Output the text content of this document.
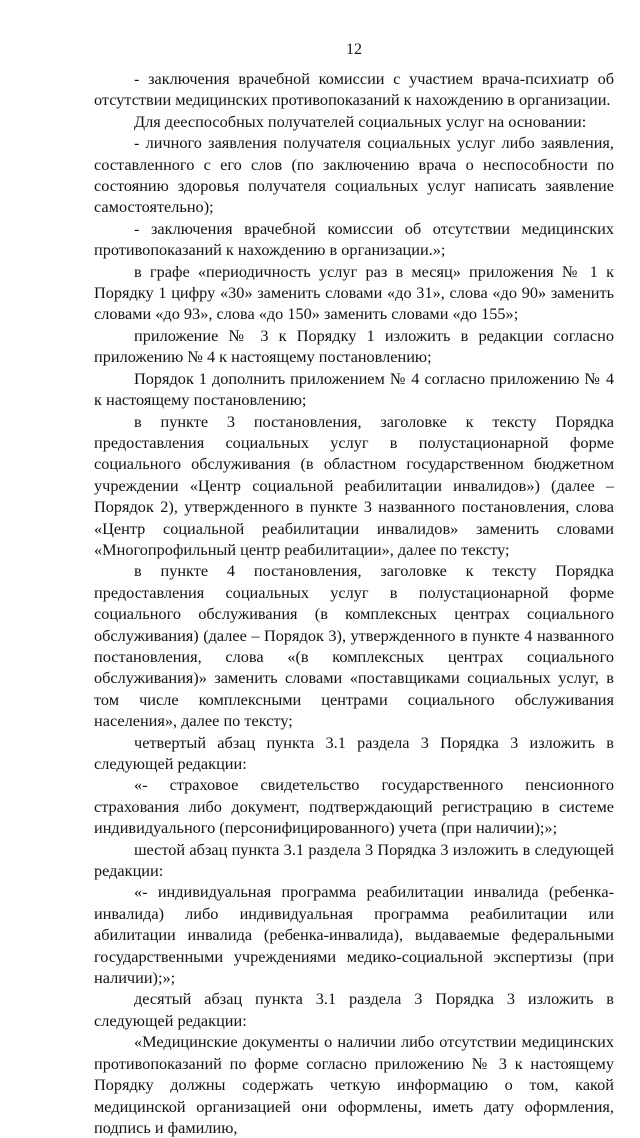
12

- заключения врачебной комиссии с участием врача-психиатр об отсутствии медицинских противопоказаний к нахождению в организации.

Для дееспособных получателей социальных услуг на основании:

- личного заявления получателя социальных услуг либо заявления, составленного с его слов (по заключению врача о неспособности по состоянию здоровья получателя социальных услуг написать заявление самостоятельно);

- заключения врачебной комиссии об отсутствии медицинских противопоказаний к нахождению в организации.»;

в графе «периодичность услуг раз в месяц» приложения № 1 к Порядку 1 цифру «30» заменить словами «до 31», слова «до 90» заменить словами «до 93», слова «до 150» заменить словами «до 155»;

приложение № 3 к Порядку 1 изложить в редакции согласно приложению № 4 к настоящему постановлению;

Порядок 1 дополнить приложением № 4 согласно приложению № 4 к настоящему постановлению;

в пункте 3 постановления, заголовке к тексту Порядка предоставления социальных услуг в полустационарной форме социального обслуживания (в областном государственном бюджетном учреждении «Центр социальной реабилитации инвалидов») (далее – Порядок 2), утвержденного в пункте 3 названного постановления, слова «Центр социальной реабилитации инвалидов» заменить словами «Многопрофильный центр реабилитации», далее по тексту;

в пункте 4 постановления, заголовке к тексту Порядка предоставления социальных услуг в полустационарной форме социального обслуживания (в комплексных центрах социального обслуживания) (далее – Порядок 3), утвержденного в пункте 4 названного постановления, слова «(в комплексных центрах социального обслуживания)» заменить словами «поставщиками социальных услуг, в том числе комплексными центрами социального обслуживания населения», далее по тексту;

четвертый абзац пункта 3.1 раздела 3 Порядка 3 изложить в следующей редакции:

«- страховое свидетельство государственного пенсионного страхования либо документ, подтверждающий регистрацию в системе индивидуального (персонифицированного) учета (при наличии);»;

шестой абзац пункта 3.1 раздела 3 Порядка 3 изложить в следующей редакции:

«- индивидуальная программа реабилитации инвалида (ребенка-инвалида) либо индивидуальная программа реабилитации или абилитации инвалида (ребенка-инвалида), выдаваемые федеральными государственными учреждениями медико-социальной экспертизы (при наличии);»;

десятый абзац пункта 3.1 раздела 3 Порядка 3 изложить в следующей редакции:

«Медицинские документы о наличии либо отсутствии медицинских противопоказаний по форме согласно приложению № 3 к настоящему Порядку должны содержать четкую информацию о том, какой медицинской организацией они оформлены, иметь дату оформления, подпись и фамилию,
